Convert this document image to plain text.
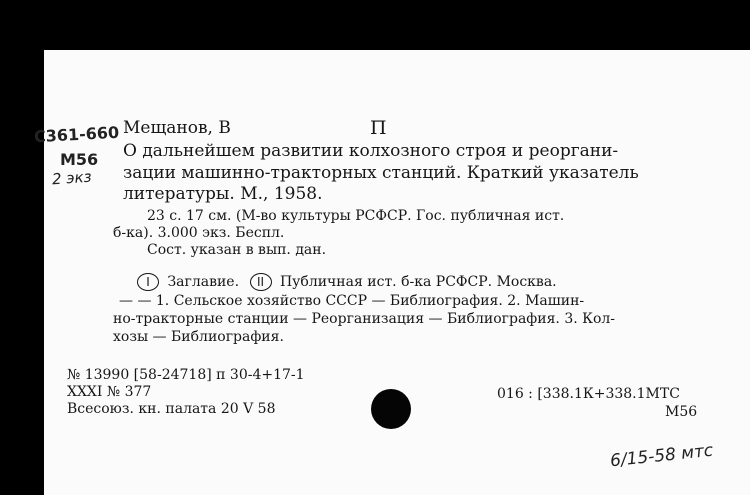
Мещанов, В	П
О дальнейшем развитии колхозного строя и реоргани-
зации машинно-тракторных станций. Краткий указатель
литературы. М., 1958.
23 с. 17 см. (М-во культуры РСФСР. Гос. публичная ист.
б-ка). 3.000 экз. Беспл.
Сост. указан в вып. дан.
I Заглавие. II Публичная ист. б-ка РСФСР. Москва.
— — 1. Сельское хозяйство СССР — Библиография. 2. Машин-
но-тракторные станции — Реорганизация — Библиография. 3. Кол-
хозы — Библиография.
№ 13990 [58-24718] п 30-4+17-1
XXXI № 377
Всесоюз. кн. палата 20 V 58
016 : [338.1К+338.1МТС
М56
С361-660
М56
2 экз
6/15-58 мтс
